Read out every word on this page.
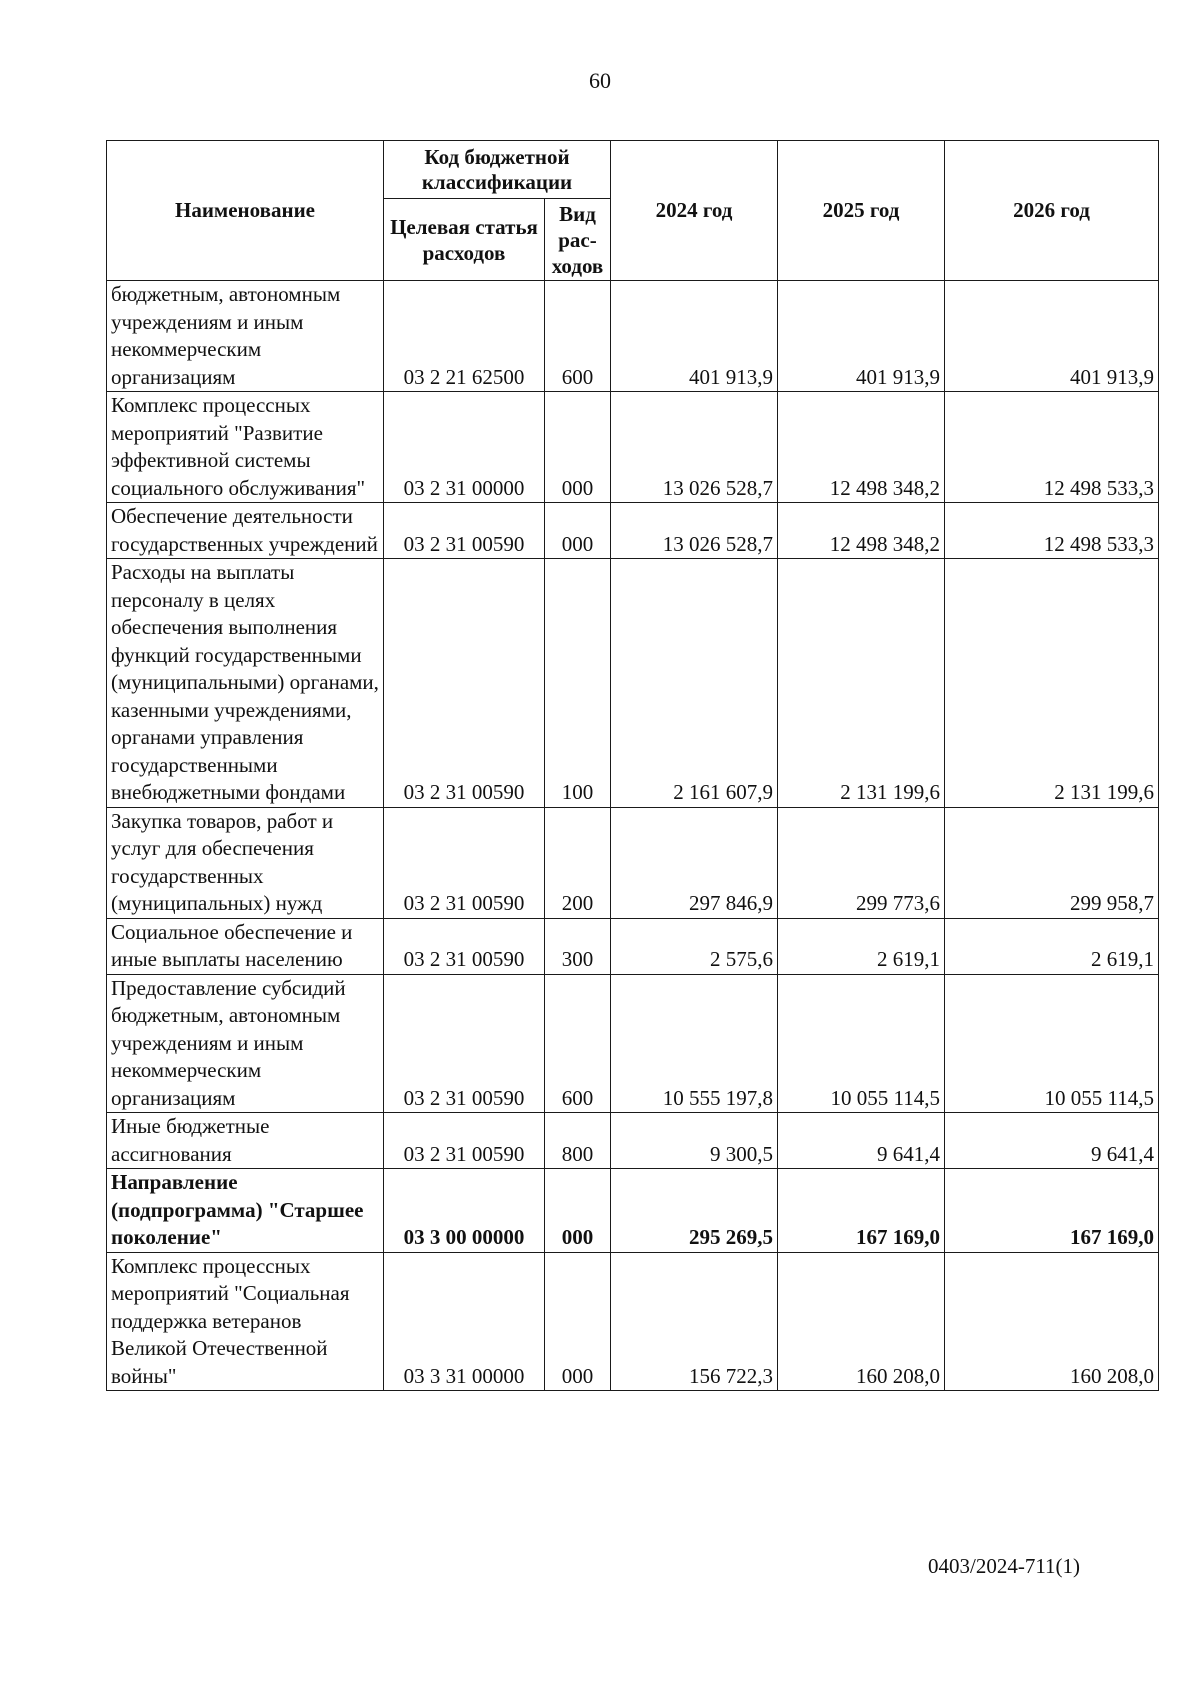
60
Наименование	Код бюджетной классификации		2024 год	2025 год	2026 год
	Целевая статья расходов	Вид рас-ходов			
бюджетным, автономным учреждениям и иным некоммерческим организациям	03 2 21 62500	600	401 913,9	401 913,9	401 913,9
Комплекс процессных мероприятий "Развитие эффективной системы социального обслуживания"	03 2 31 00000	000	13 026 528,7	12 498 348,2	12 498 533,3
Обеспечение деятельности государственных учреждений	03 2 31 00590	000	13 026 528,7	12 498 348,2	12 498 533,3
Расходы на выплаты персоналу в целях обеспечения выполнения функций государственными (муниципальными) органами, казенными учреждениями, органами управления государственными внебюджетными фондами	03 2 31 00590	100	2 161 607,9	2 131 199,6	2 131 199,6
Закупка товаров, работ и услуг для обеспечения государственных (муниципальных) нужд	03 2 31 00590	200	297 846,9	299 773,6	299 958,7
Социальное обеспечение и иные выплаты населению	03 2 31 00590	300	2 575,6	2 619,1	2 619,1
Предоставление субсидий бюджетным, автономным учреждениям и иным некоммерческим организациям	03 2 31 00590	600	10 555 197,8	10 055 114,5	10 055 114,5
Иные бюджетные ассигнования	03 2 31 00590	800	9 300,5	9 641,4	9 641,4
Направление (подпрограмма) "Старшее поколение"	03 3 00 00000	000	295 269,5	167 169,0	167 169,0
Комплекс процессных мероприятий "Социальная поддержка ветеранов Великой Отечественной войны"	03 3 31 00000	000	156 722,3	160 208,0	160 208,0
0403/2024-711(1)
